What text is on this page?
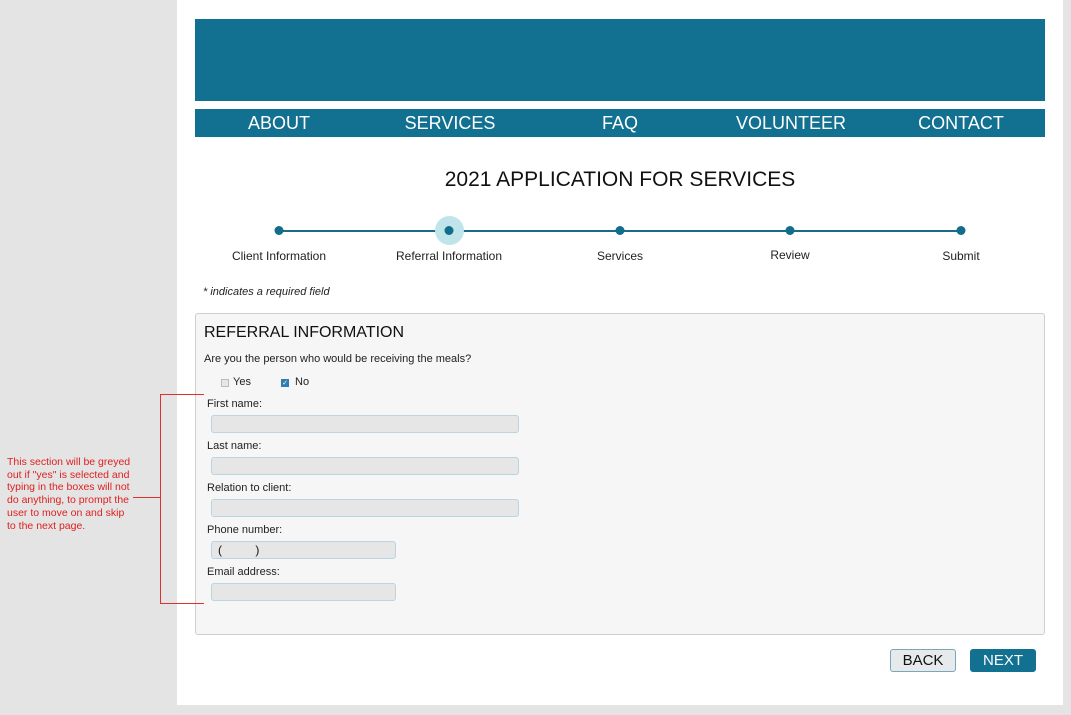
ABOUT	SERVICES	FAQ	VOLUNTEER	CONTACT
2021 APPLICATION FOR SERVICES
Client Information	Referral Information	Services	Review	Submit
* indicates a required field
REFERRAL INFORMATION
Are you the person who would be receiving the meals?
Yes	✓ No
First name:
Last name:
Relation to client:
Phone number:
(          )
Email address:
This section will be greyed out if "yes" is selected and typing in the boxes will not do anything, to prompt the user to move on and skip to the next page.
BACK	NEXT
